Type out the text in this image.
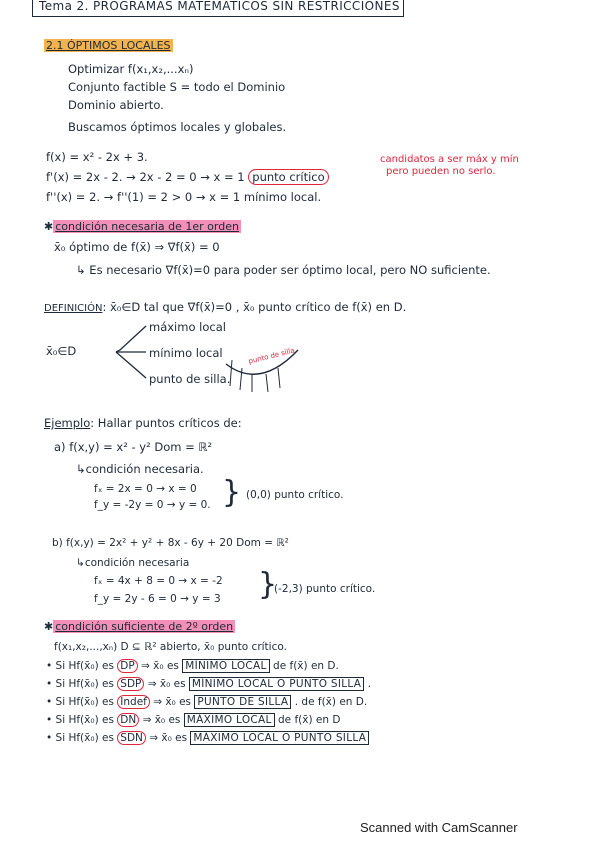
Tema 2. PROGRAMAS MATEMÁTICOS SIN RESTRICCIONES
2.1 ÓPTIMOS LOCALES
Optimizar f(x₁,x₂,...xₙ)
Conjunto factible S = todo el Dominio
Dominio abierto.
Buscamos óptimos locales y globales.
f(x) = x² - 2x + 3.
f'(x) = 2x - 2. → 2x - 2 = 0 → x = 1 punto crítico
f''(x) = 2. → f''(1) = 2 > 0 → x = 1 mínimo local.
candidatos a ser máx y mín
pero pueden no serlo.
✱ condición necesaria de 1er orden
x̄₀ óptimo de f(x̄) ⇒ ∇f(x̄) = 0
↳ Es necesario ∇f(x̄)=0 para poder ser óptimo local, pero NO suficiente.
DEFINICIÓN: x̄₀∈D tal que ∇f(x̄)=0 , x̄₀ punto crítico de f(x̄) en D.
x̄₀∈D
máximo local
mínimo local
punto de silla.
punto de silla
Ejemplo: Hallar puntos críticos de:
a) f(x,y) = x² - y² Dom = ℝ²
↳condición necesaria.
fₓ = 2x = 0 → x = 0
f_y = -2y = 0 → y = 0. } (0,0) punto crítico.
b) f(x,y) = 2x² + y² + 8x - 6y + 20 Dom = ℝ²
↳condición necesaria
fₓ = 4x + 8 = 0 → x = -2
f_y = 2y - 6 = 0 → y = 3 }
(-2,3) punto crítico.
✱ condición suficiente de 2º orden
f(x₁,x₂,...,xₙ) D ⊆ ℝ² abierto, x̄₀ punto crítico.
• Si Hf(x̄₀) es DP ⇒ x̄₀ es MÍNIMO LOCAL de f(x̄) en D.
• Si Hf(x̄₀) es SDP ⇒ x̄₀ es MÍNIMO LOCAL O PUNTO SILLA .
• Si Hf(x̄₀) es Indef ⇒ x̄₀ es PUNTO DE SILLA . de f(x̄) en D.
• Si Hf(x̄₀) es DN ⇒ x̄₀ es MÁXIMO LOCAL de f(x̄) en D
• Si Hf(x̄₀) es SDN ⇒ x̄₀ es MÁXIMO LOCAL O PUNTO SILLA
Scanned with CamScanner
